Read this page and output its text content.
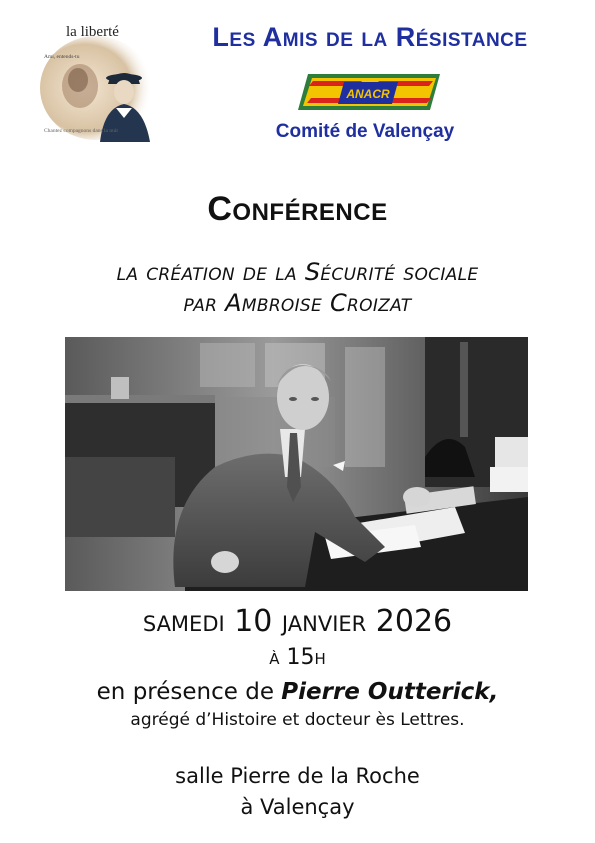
la liberté
Ami, entends-tu
Chantez compagnons dans la nuit
Les Amis de la Résistance
ANACR
Comité de Valençay
Conférence
la création de la Sécurité sociale
par Ambroise Croizat
samedi 10 janvier 2026
à 15h
en présence de Pierre Outterick,
agrégé d’Histoire et docteur ès Lettres.
salle Pierre de la Roche
à Valençay
